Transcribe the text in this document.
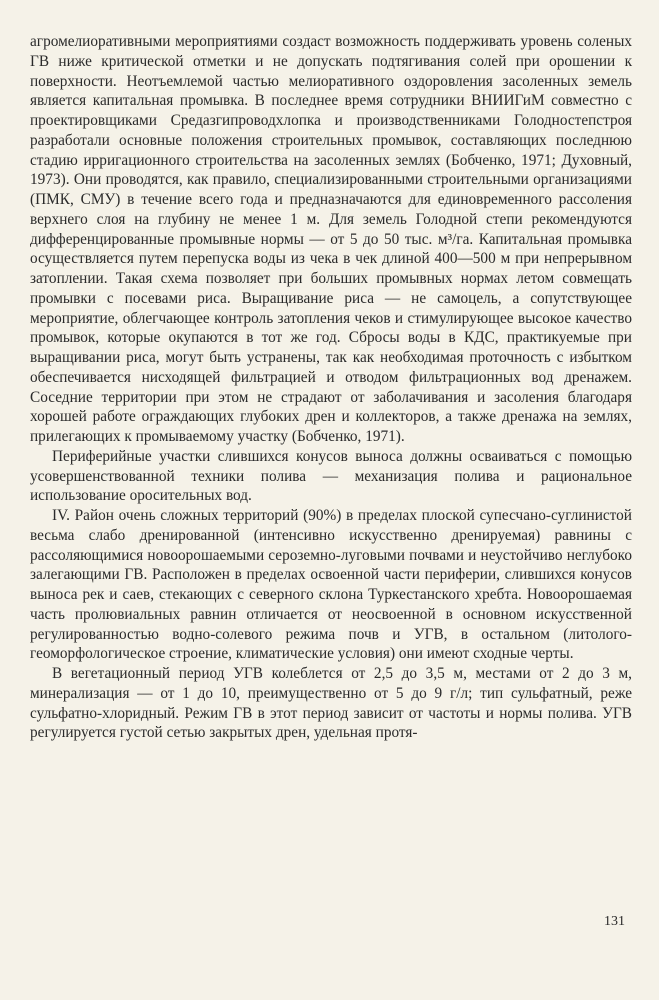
агромелиоративными мероприятиями создаст возможность поддерживать уровень соленых ГВ ниже критической отметки и не допускать подтягивания солей при орошении к поверхности. Неотъемлемой частью мелиоративного оздоровления засоленных земель является капитальная промывка. В последнее время сотрудники ВНИИГиМ совместно с проектировщиками Средазгипроводхлопка и производственниками Голодностепстроя разработали основные положения строительных промывок, составляющих последнюю стадию ирригационного строительства на засоленных землях (Бобченко, 1971; Духовный, 1973). Они проводятся, как правило, специализированными строительными организациями (ПМК, СМУ) в течение всего года и предназначаются для единовременного рассоления верхнего слоя на глубину не менее 1 м. Для земель Голодной степи рекомендуются дифференцированные промывные нормы — от 5 до 50 тыс. м³/га. Капитальная промывка осуществляется путем перепуска воды из чека в чек длиной 400—500 м при непрерывном затоплении. Такая схема позволяет при больших промывных нормах летом совмещать промывки с посевами риса. Выращивание риса — не самоцель, а сопутствующее мероприятие, облегчающее контроль затопления чеков и стимулирующее высокое качество промывок, которые окупаются в тот же год. Сбросы воды в КДС, практикуемые при выращивании риса, могут быть устранены, так как необходимая проточность с избытком обеспечивается нисходящей фильтрацией и отводом фильтрационных вод дренажем. Соседние территории при этом не страдают от заболачивания и засоления благодаря хорошей работе ограждающих глубоких дрен и коллекторов, а также дренажа на землях, прилегающих к промываемому участку (Бобченко, 1971).

Периферийные участки слившихся конусов выноса должны осваиваться с помощью усовершенствованной техники полива — механизация полива и рациональное использование оросительных вод.

IV. Район очень сложных территорий (90%) в пределах плоской супесчано-суглинистой весьма слабо дренированной (интенсивно искусственно дренируемая) равнины с рассоляющимися новоорошаемыми сероземно-луговыми почвами и неустойчиво неглубоко залегающими ГВ. Расположен в пределах освоенной части периферии, слившихся конусов выноса рек и саев, стекающих с северного склона Туркестанского хребта. Новоорошаемая часть пролювиальных равнин отличается от неосвоенной в основном искусственной регулированностью водно-солевого режима почв и УГВ, в остальном (литолого-геоморфологическое строение, климатические условия) они имеют сходные черты.

В вегетационный период УГВ колеблется от 2,5 до 3,5 м, местами от 2 до 3 м, минерализация — от 1 до 10, преимущественно от 5 до 9 г/л; тип сульфатный, реже сульфатно-хлоридный. Режим ГВ в этот период зависит от частоты и нормы полива. УГВ регулируется густой сетью закрытых дрен, удельная протя-

131
